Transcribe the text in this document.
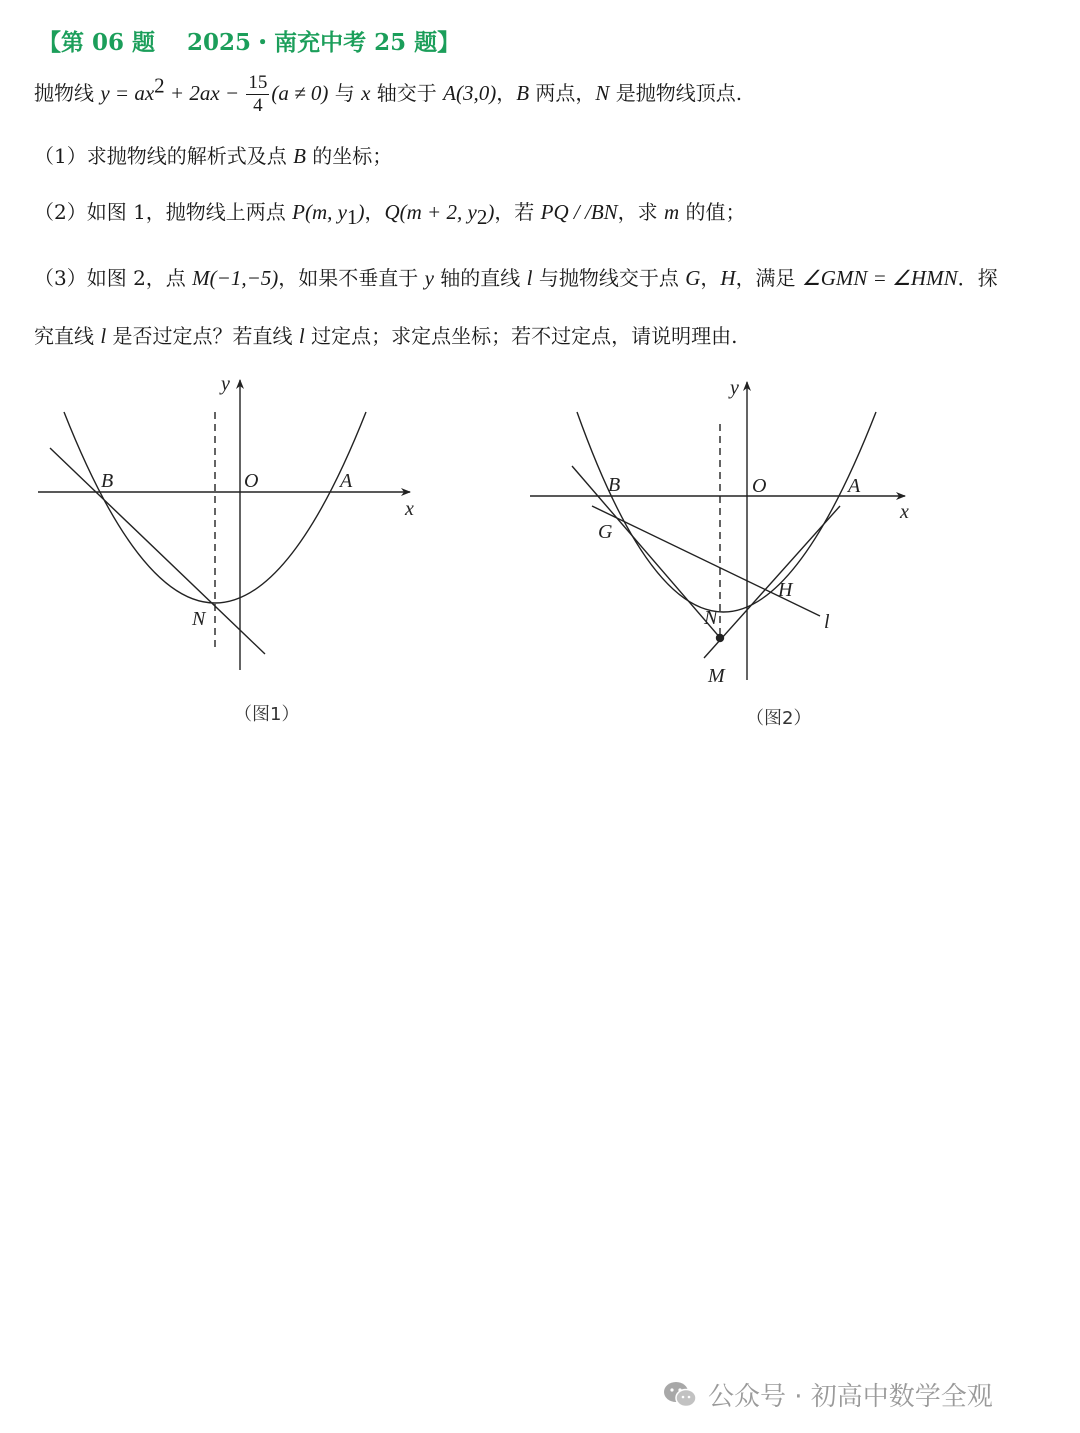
【第 06 题    2025・南充中考 25 题】
抛物线 $y = ax^2 + 2ax - \frac{15}{4} (a \ne 0)$ 与 x 轴交于 A(3,0)，B 两点，N 是抛物线顶点.
（1）求抛物线的解析式及点 B 的坐标；
（2）如图 1，抛物线上两点 P(m, $y_1$)，Q(m + 2, $y_2$)，若 PQ / /BN，求 m 的值；
（3）如图 2，点 M(−1,−5)，如果不垂直于 y 轴的直线 l 与抛物线交于点 G，H，满足 ∠GMN = ∠HMN．探
究直线 l 是否过定点？若直线 l 过定点；求定点坐标；若不过定点，请说明理由.
y
x
O	A
B
N
y
x
O	A
B
G
H
N
M
l
（图1）	（图2）
公众号 · 初高中数学全观
